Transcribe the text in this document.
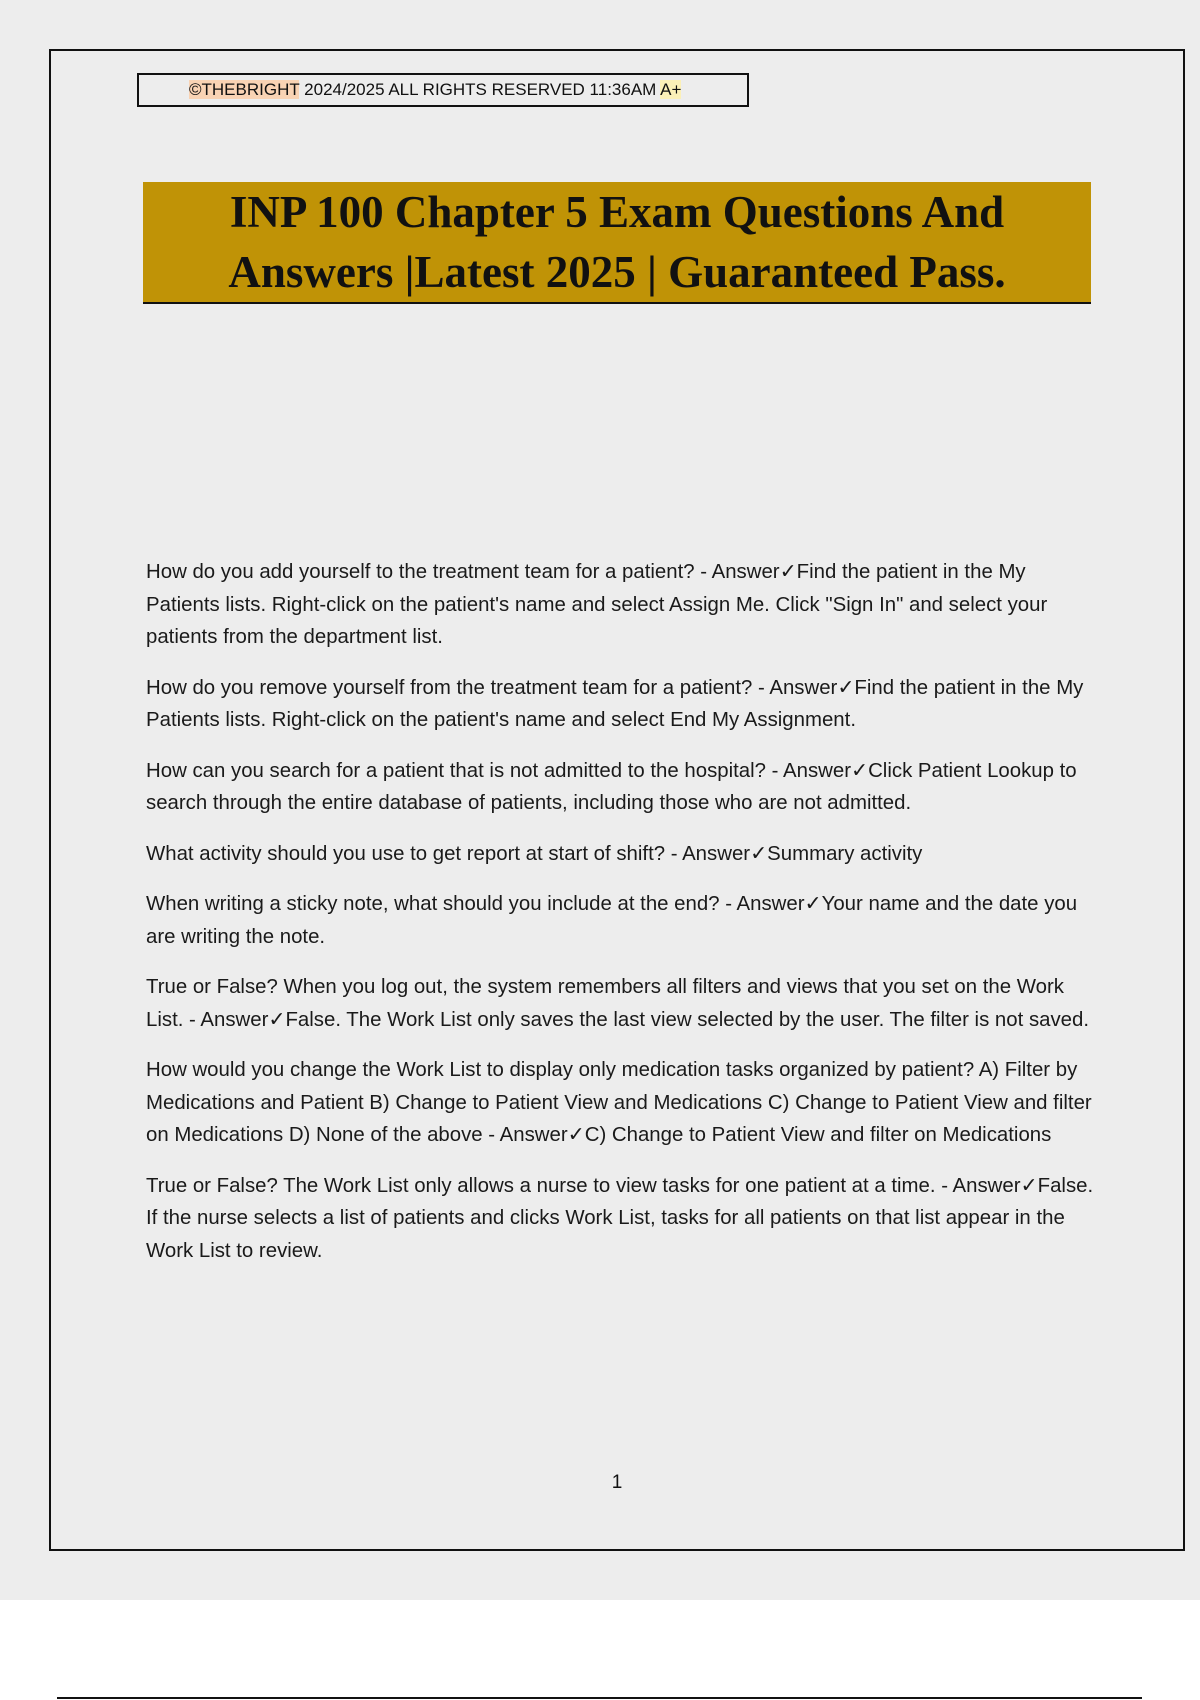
©THEBRIGHT 2024/2025 ALL RIGHTS RESERVED 11:36AM A+
INP 100 Chapter 5 Exam Questions And
Answers |Latest 2025 | Guaranteed Pass.

How do you add yourself to the treatment team for a patient? - Answer✓Find the patient in the My Patients lists. Right-click on the patient's name and select Assign Me. Click "Sign In" and select your patients from the department list.

How do you remove yourself from the treatment team for a patient? - Answer✓Find the patient in the My Patients lists. Right-click on the patient's name and select End My Assignment.

How can you search for a patient that is not admitted to the hospital? - Answer✓Click Patient Lookup to search through the entire database of patients, including those who are not admitted.

What activity should you use to get report at start of shift? - Answer✓Summary activity

When writing a sticky note, what should you include at the end? - Answer✓Your name and the date you are writing the note.

True or False? When you log out, the system remembers all filters and views that you set on the Work List. - Answer✓False. The Work List only saves the last view selected by the user. The filter is not saved.

How would you change the Work List to display only medication tasks organized by patient? A) Filter by Medications and Patient B) Change to Patient View and Medications C) Change to Patient View and filter on Medications D) None of the above - Answer✓C) Change to Patient View and filter on Medications

True or False? The Work List only allows a nurse to view tasks for one patient at a time. - Answer✓False. If the nurse selects a list of patients and clicks Work List, tasks for all patients on that list appear in the Work List to review.

1
